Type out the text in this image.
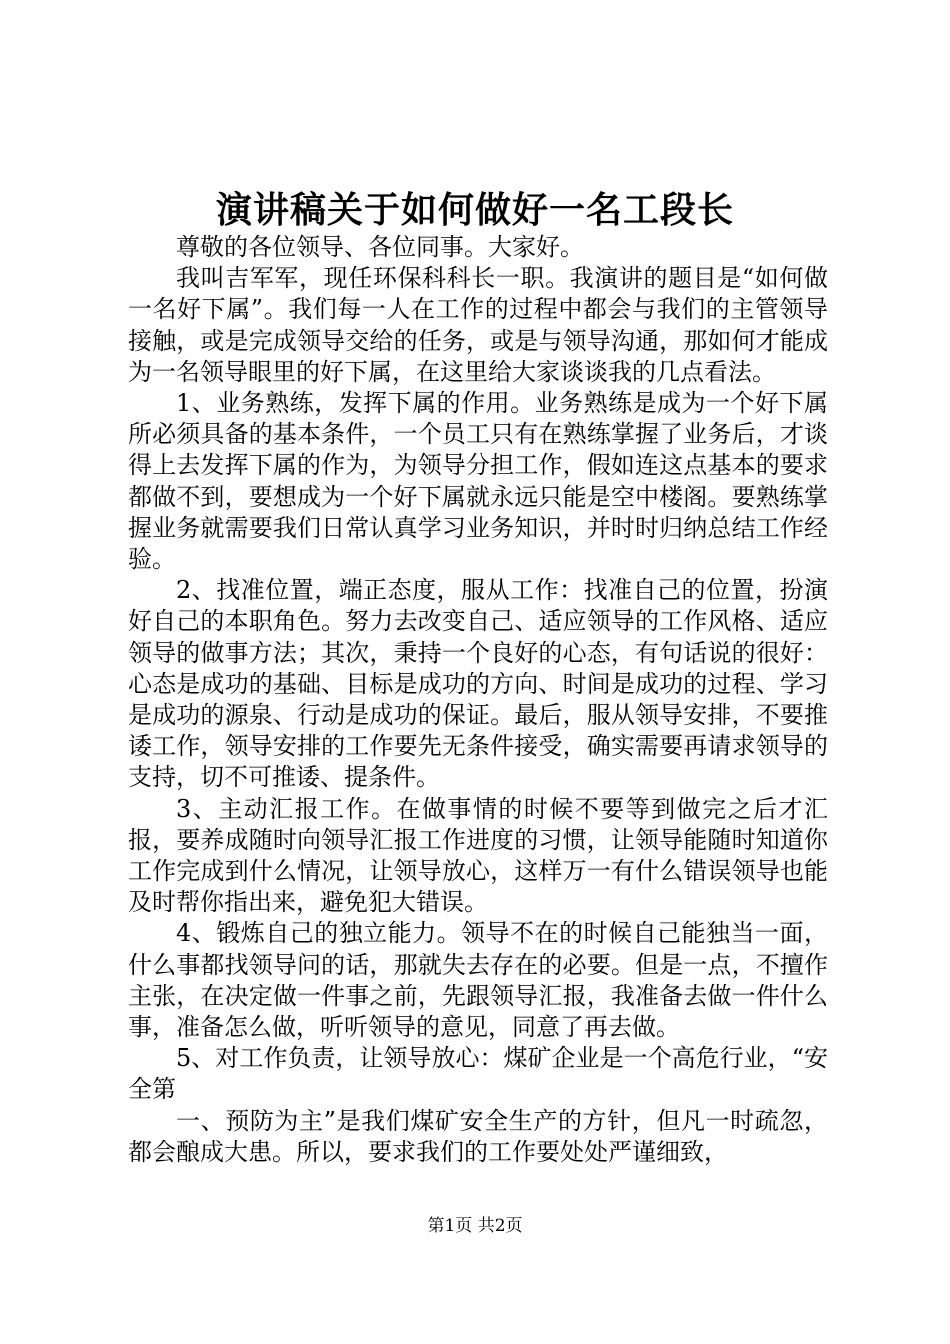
演讲稿关于如何做好一名工段长

尊敬的各位领导、各位同事。大家好。

我叫吉军军，现任环保科科长一职。我演讲的题目是“如何做一名好下属”。我们每一人在工作的过程中都会与我们的主管领导接触，或是完成领导交给的任务，或是与领导沟通，那如何才能成为一名领导眼里的好下属，在这里给大家谈谈我的几点看法。

1、业务熟练，发挥下属的作用。业务熟练是成为一个好下属所必须具备的基本条件，一个员工只有在熟练掌握了业务后，才谈得上去发挥下属的作为，为领导分担工作，假如连这点基本的要求都做不到，要想成为一个好下属就永远只能是空中楼阁。要熟练掌握业务就需要我们日常认真学习业务知识，并时时归纳总结工作经验。

2、找准位置，端正态度，服从工作：找准自己的位置，扮演好自己的本职角色。努力去改变自己、适应领导的工作风格、适应领导的做事方法；其次，秉持一个良好的心态，有句话说的很好：心态是成功的基础、目标是成功的方向、时间是成功的过程、学习是成功的源泉、行动是成功的保证。最后，服从领导安排，不要推诿工作，领导安排的工作要先无条件接受，确实需要再请求领导的支持，切不可推诿、提条件。

3、主动汇报工作。在做事情的时候不要等到做完之后才汇报，要养成随时向领导汇报工作进度的习惯，让领导能随时知道你工作完成到什么情况，让领导放心，这样万一有什么错误领导也能及时帮你指出来，避免犯大错误。

4、锻炼自己的独立能力。领导不在的时候自己能独当一面，什么事都找领导问的话，那就失去存在的必要。但是一点，不擅作主张，在决定做一件事之前，先跟领导汇报，我准备去做一件什么事，准备怎么做，听听领导的意见，同意了再去做。

5、对工作负责，让领导放心：煤矿企业是一个高危行业，“安全第

一、预防为主”是我们煤矿安全生产的方针，但凡一时疏忽，都会酿成大患。所以，要求我们的工作要处处严谨细致，

第1页 共2页
